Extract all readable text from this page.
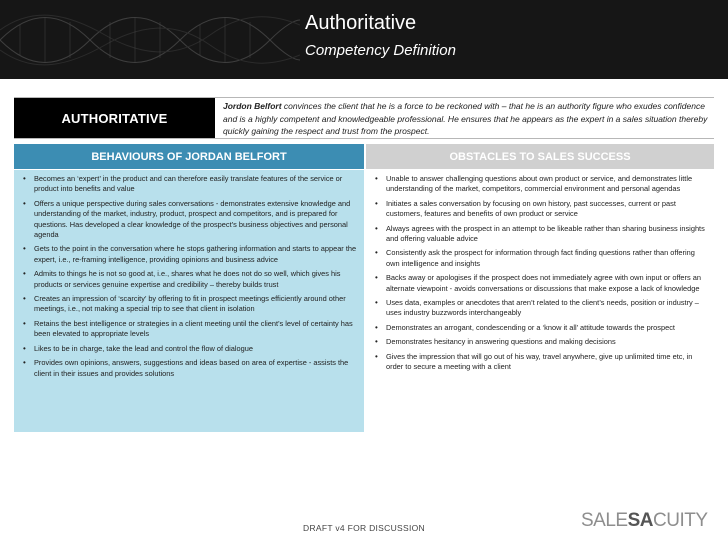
Authoritative
Competency Definition
AUTHORITATIVE
Jordon Belfort convinces the client that he is a force to be reckoned with – that he is an authority figure who exudes confidence and is a highly competent and knowledgeable professional. He ensures that he appears as the expert in a sales situation thereby quickly gaining the respect and trust from the prospect.
BEHAVIOURS OF JORDAN BELFORT	OBSTACLES TO SALES SUCCESS
• Becomes an ‘expert’ in the product and can therefore easily translate features of the service or product into benefits and value
• Offers a unique perspective during sales conversations - demonstrates extensive knowledge and understanding of the market, industry, product, prospect and competitors, and is prepared for questions. Has developed a clear knowledge of the prospect’s business objectives and personal agenda
• Gets to the point in the conversation where he stops gathering information and starts to appear the expert, i.e., re-framing intelligence, providing opinions and business advice
• Admits to things he is not so good at, i.e., shares what he does not do so well, which gives his products or services genuine expertise and credibility – thereby builds trust
• Creates an impression of ‘scarcity’ by offering to fit in prospect meetings efficiently around other meetings, i.e., not making a special trip to see that client in isolation
• Retains the best intelligence or strategies in a client meeting until the client’s level of certainty has been elevated to appropriate levels
• Likes to be in charge, take the lead and control the flow of dialogue
• Provides own opinions, answers, suggestions and ideas based on area of expertise - assists the client in their issues and provides solutions
• Unable to answer challenging questions about own product or service, and demonstrates little understanding of the market, competitors, commercial environment and personal agendas
• Initiates a sales conversation by focusing on own history, past successes, current or past customers, features and benefits of own product or service
• Always agrees with the prospect in an attempt to be likeable rather than sharing business insights and offering valuable advice
• Consistently ask the prospect for information through fact finding questions rather than offering own intelligence and insights
• Backs away or apologises if the prospect does not immediately agree with own input or offers an alternate viewpoint - avoids conversations or discussions that make expose a lack of knowledge
• Uses data, examples or anecdotes that aren’t related to the client’s needs, position or industry – uses industry buzzwords interchangeably
• Demonstrates an arrogant, condescending or a ‘know it all’ attitude towards the prospect
• Demonstrates hesitancy in answering questions and making decisions
• Gives the impression that will go out of his way, travel anywhere, give up unlimited time etc, in order to secure a meeting with a client
DRAFT v4 FOR DISCUSSION	SALESACUITY
